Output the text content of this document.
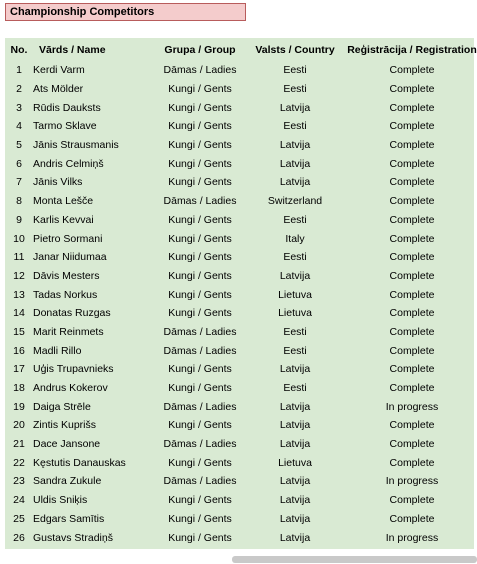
Championship Competitors
No.	Vārds / Name	Grupa / Group	Valsts / Country	Reģistrācija / Registration
1	Kerdi Varm	Dāmas / Ladies	Eesti	Complete
2	Ats Mölder	Kungi / Gents	Eesti	Complete
3	Rūdis Dauksts	Kungi / Gents	Latvija	Complete
4	Tarmo Sklave	Kungi / Gents	Eesti	Complete
5	Jānis Strausmanis	Kungi / Gents	Latvija	Complete
6	Andris Celmiņš	Kungi / Gents	Latvija	Complete
7	Jānis Vilks	Kungi / Gents	Latvija	Complete
8	Monta Lešče	Dāmas / Ladies	Switzerland	Complete
9	Karlis Kevvai	Kungi / Gents	Eesti	Complete
10	Pietro Sormani	Kungi / Gents	Italy	Complete
11	Janar Niidumaa	Kungi / Gents	Eesti	Complete
12	Dāvis Mesters	Kungi / Gents	Latvija	Complete
13	Tadas Norkus	Kungi / Gents	Lietuva	Complete
14	Donatas Ruzgas	Kungi / Gents	Lietuva	Complete
15	Marit Reinmets	Dāmas / Ladies	Eesti	Complete
16	Madli Rillo	Dāmas / Ladies	Eesti	Complete
17	Uģis Trupavnieks	Kungi / Gents	Latvija	Complete
18	Andrus Kokerov	Kungi / Gents	Eesti	Complete
19	Daiga Strēle	Dāmas / Ladies	Latvija	In progress
20	Zintis Kuprišs	Kungi / Gents	Latvija	Complete
21	Dace Jansone	Dāmas / Ladies	Latvija	Complete
22	Kęstutis Danauskas	Kungi / Gents	Lietuva	Complete
23	Sandra Zukule	Dāmas / Ladies	Latvija	In progress
24	Uldis Sniķis	Kungi / Gents	Latvija	Complete
25	Edgars Samītis	Kungi / Gents	Latvija	Complete
26	Gustavs Stradiņš	Kungi / Gents	Latvija	In progress
